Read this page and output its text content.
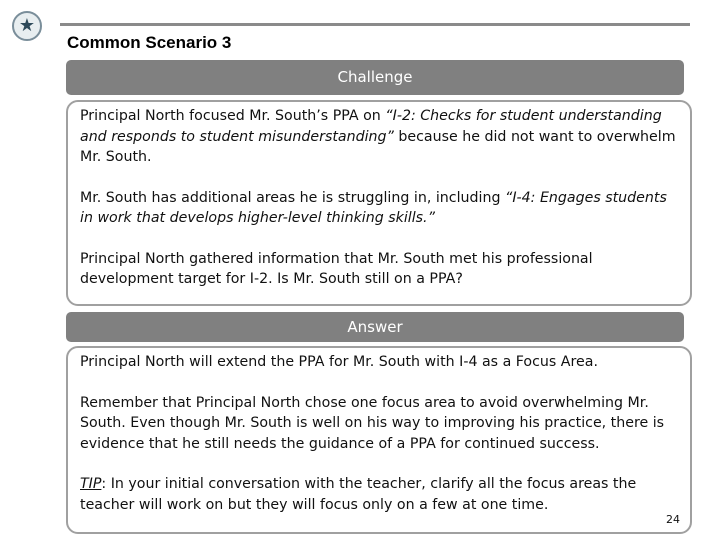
★
Common Scenario 3
Challenge

Principal North focused Mr. South’s PPA on “I-2: Checks for student understanding and responds to student misunderstanding” because he did not want to overwhelm Mr. South.

Mr. South has additional areas he is struggling in, including “I-4: Engages students in work that develops higher-level thinking skills.”

Principal North gathered information that Mr. South met his professional development target for I-2. Is Mr. South still on a PPA?

Answer

Principal North will extend the PPA for Mr. South with I-4 as a Focus Area.

Remember that Principal North chose one focus area to avoid overwhelming Mr. South. Even though Mr. South is well on his way to improving his practice, there is evidence that he still needs the guidance of a PPA for continued success.

TIP: In your initial conversation with the teacher, clarify all the focus areas the teacher will work on but they will focus only on a few at one time.

24
